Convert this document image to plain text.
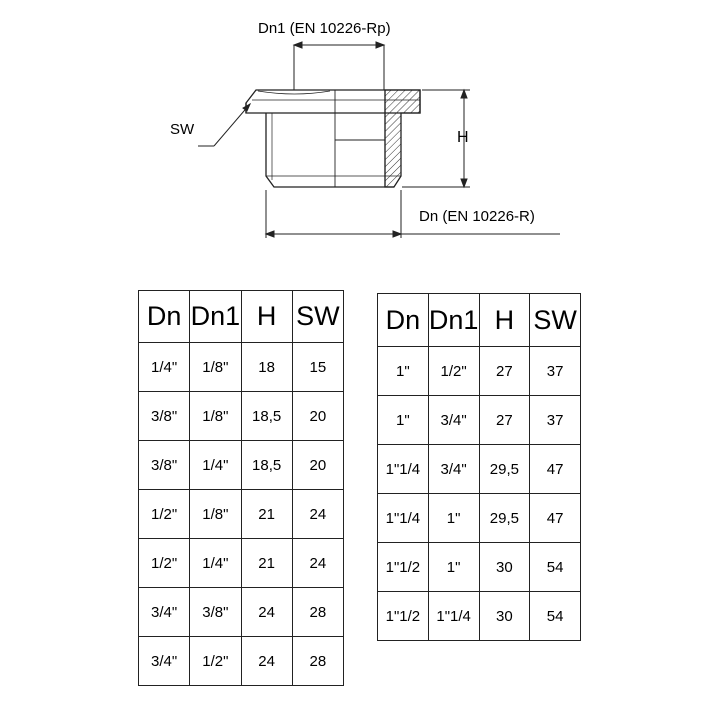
Dn1 (EN 10226-Rp)
SW	H
Dn (EN 10226-R)
Dn	Dn1	H	SW
1/4"	1/8"	18	15
3/8"	1/8"	18,5	20
3/8"	1/4"	18,5	20
1/2"	1/8"	21	24
1/2"	1/4"	21	24
3/4"	3/8"	24	28
3/4"	1/2"	24	28
Dn	Dn1	H	SW
1"	1/2"	27	37
1"	3/4"	27	37
1"1/4	3/4"	29,5	47
1"1/4	1"	29,5	47
1"1/2	1"	30	54
1"1/2	1"1/4	30	54
